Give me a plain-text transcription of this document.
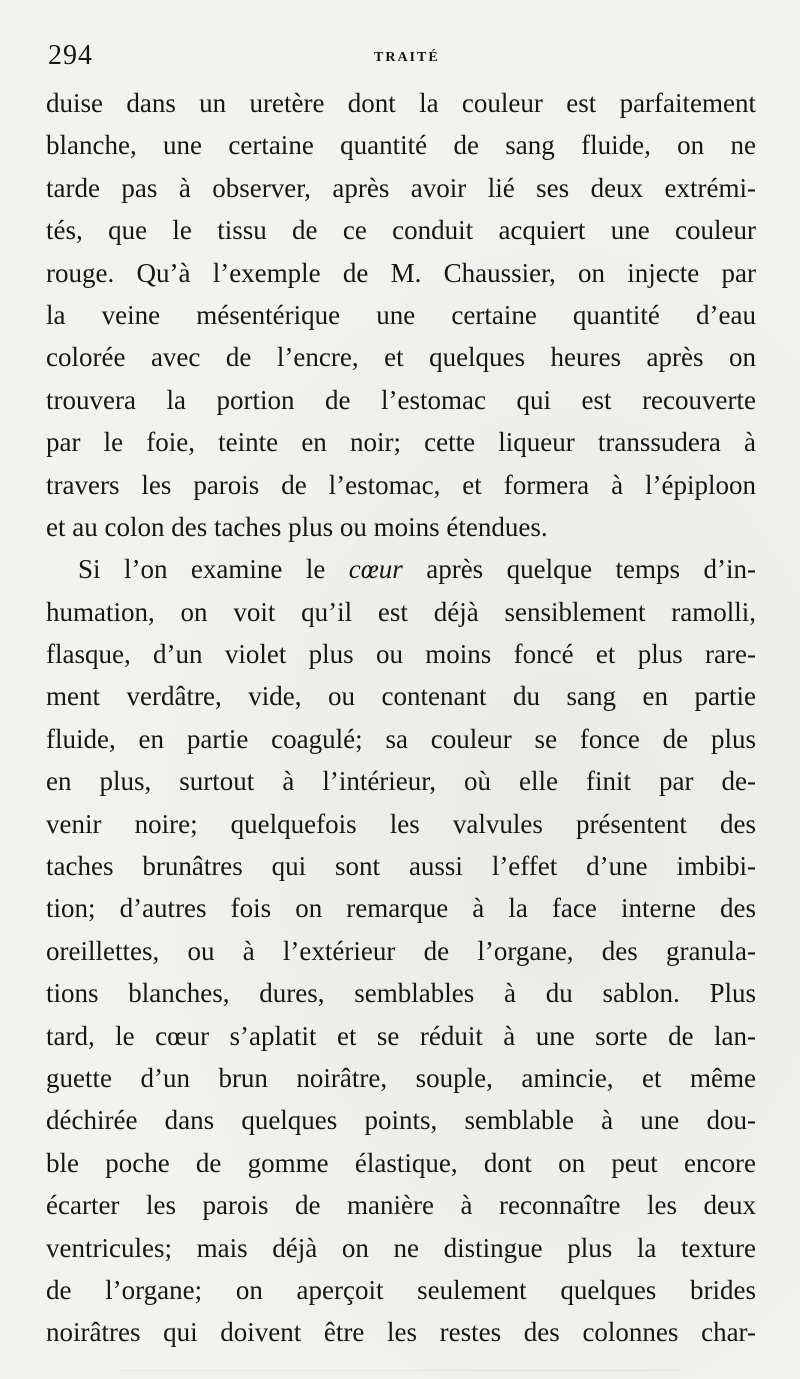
294	TRAITÉ
duise dans un uretère dont la couleur est parfaitement
blanche, une certaine quantité de sang fluide, on ne
tarde pas à observer, après avoir lié ses deux extrémi-
tés, que le tissu de ce conduit acquiert une couleur
rouge. Qu’à l’exemple de M. Chaussier, on injecte par
la veine mésentérique une certaine quantité d’eau
colorée avec de l’encre, et quelques heures après on
trouvera la portion de l’estomac qui est recouverte
par le foie, teinte en noir; cette liqueur transsudera à
travers les parois de l’estomac, et formera à l’épiploon
et au colon des taches plus ou moins étendues.
Si l’on examine le cœur après quelque temps d’in-
humation, on voit qu’il est déjà sensiblement ramolli,
flasque, d’un violet plus ou moins foncé et plus rare-
ment verdâtre, vide, ou contenant du sang en partie
fluide, en partie coagulé; sa couleur se fonce de plus
en plus, surtout à l’intérieur, où elle finit par de-
venir noire; quelquefois les valvules présentent des
taches brunâtres qui sont aussi l’effet d’une imbibi-
tion; d’autres fois on remarque à la face interne des
oreillettes, ou à l’extérieur de l’organe, des granula-
tions blanches, dures, semblables à du sablon. Plus
tard, le cœur s’aplatit et se réduit à une sorte de lan-
guette d’un brun noirâtre, souple, amincie, et même
déchirée dans quelques points, semblable à une dou-
ble poche de gomme élastique, dont on peut encore
écarter les parois de manière à reconnaître les deux
ventricules; mais déjà on ne distingue plus la texture
de l’organe; on aperçoit seulement quelques brides
noirâtres qui doivent être les restes des colonnes char-
